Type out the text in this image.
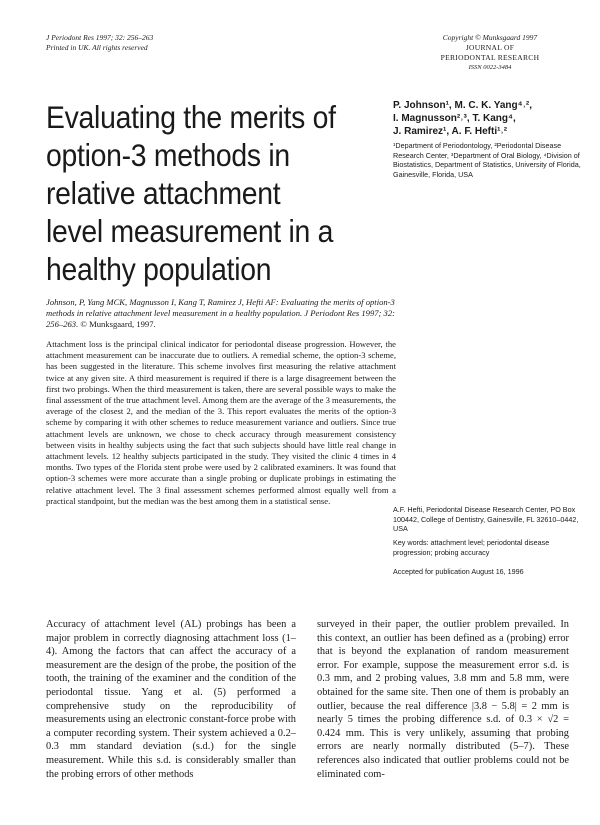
J Periodont Res 1997; 32: 256–263
Printed in UK. All rights reserved
Copyright © Munksgaard 1997
JOURNAL OF
PERIODONTAL RESEARCH
ISSN 0022-3484
Evaluating the merits of option-3 methods in relative attachment level measurement in a healthy population
P. Johnson¹, M. C. K. Yang⁴˒²,
I. Magnusson²˒³, T. Kang⁴,
J. Ramirez¹, A. F. Hefti¹˒²
¹Department of Periodontology, ²Periodontal Disease Research Center, ³Department of Oral Biology, ⁴Division of Biostatistics, Department of Statistics, University of Florida, Gainesville, Florida, USA
Johnson, P, Yang MCK, Magnusson I, Kang T, Ramirez J, Hefti AF: Evaluating the merits of option-3 methods in relative attachment level measurement in a healthy population. J Periodont Res 1997; 32: 256–263. © Munksgaard, 1997.
Attachment loss is the principal clinical indicator for periodontal disease progression. However, the attachment measurement can be inaccurate due to outliers. A remedial scheme, the option-3 scheme, has been suggested in the literature. This scheme involves first measuring the relative attachment twice at any given site. A third measurement is required if there is a large disagreement between the first two probings. When the third measurement is taken, there are several possible ways to make the final assessment of the true attachment level. Among them are the average of the 3 measurements, the average of the closest 2, and the median of the 3. This report evaluates the merits of the option-3 scheme by comparing it with other schemes to reduce measurement variance and outliers. Since true attachment levels are unknown, we chose to check accuracy through measurement consistency between visits in healthy subjects using the fact that such subjects should have little real change in attachment levels. 12 healthy subjects participated in the study. They visited the clinic 4 times in 4 months. Two types of the Florida stent probe were used by 2 calibrated examiners. It was found that option-3 schemes were more accurate than a single probing or duplicate probings in estimating the relative attachment level. The 3 final assessment schemes performed almost equally well from a practical standpoint, but the median was the best among them in a statistical sense.
A.F. Hefti, Periodontal Disease Research Center, PO Box 100442, College of Dentistry, Gainesville, FL 32610–0442, USA
Key words: attachment level; periodontal disease progression; probing accuracy
Accepted for publication August 16, 1996
Accuracy of attachment level (AL) probings has been a major problem in correctly diagnosing attachment loss (1–4). Among the factors that can affect the accuracy of a measurement are the design of the probe, the position of the tooth, the training of the examiner and the condition of the periodontal tissue. Yang et al. (5) performed a comprehensive study on the reproducibility of measurements using an electronic constant-force probe with a computer recording system. Their system achieved a 0.2–0.3 mm standard deviation (s.d.) for the single measurement. While this s.d. is considerably smaller than the probing errors of other methods
surveyed in their paper, the outlier problem prevailed. In this context, an outlier has been defined as a (probing) error that is beyond the explanation of random measurement error. For example, suppose the measurement error s.d. is 0.3 mm, and 2 probing values, 3.8 mm and 5.8 mm, were obtained for the same site. Then one of them is probably an outlier, because the real difference |3.8 − 5.8| = 2 mm is nearly 5 times the probing difference s.d. of 0.3 × √2 = 0.424 mm. This is very unlikely, assuming that probing errors are nearly normally distributed (5–7). These references also indicated that outlier problems could not be eliminated com-
